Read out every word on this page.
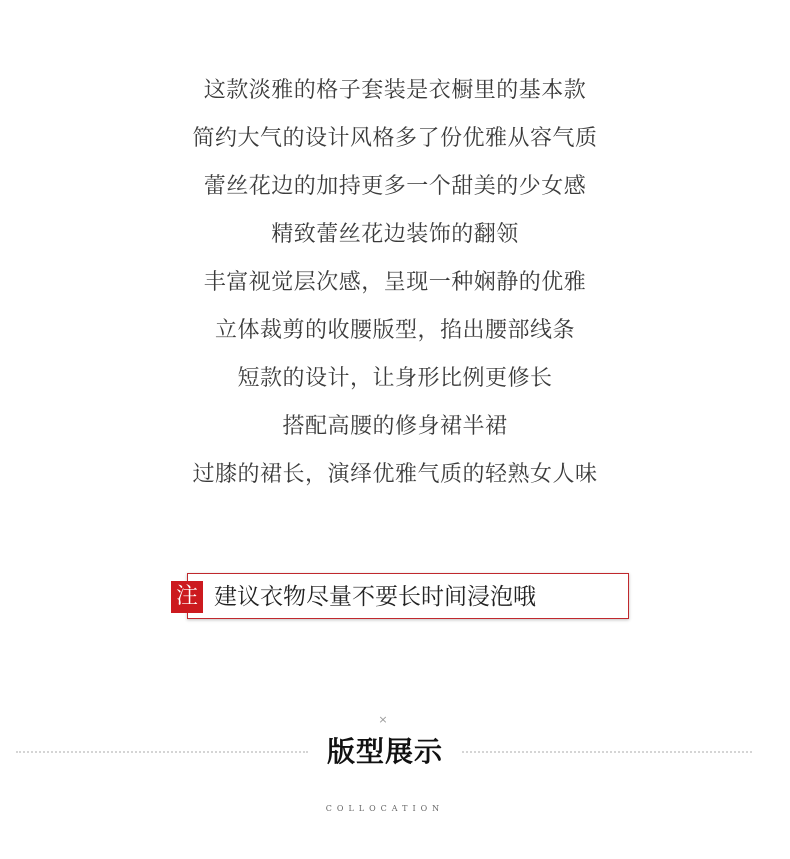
这款淡雅的格子套装是衣橱里的基本款
简约大气的设计风格多了份优雅从容气质
蕾丝花边的加持更多一个甜美的少女感
精致蕾丝花边装饰的翻领
丰富视觉层次感，呈现一种娴静的优雅
立体裁剪的收腰版型，掐出腰部线条
短款的设计，让身形比例更修长
搭配高腰的修身裙半裙
过膝的裙长，演绎优雅气质的轻熟女人味
注 建议衣物尽量不要长时间浸泡哦
×
版型展示
COLLOCATION
